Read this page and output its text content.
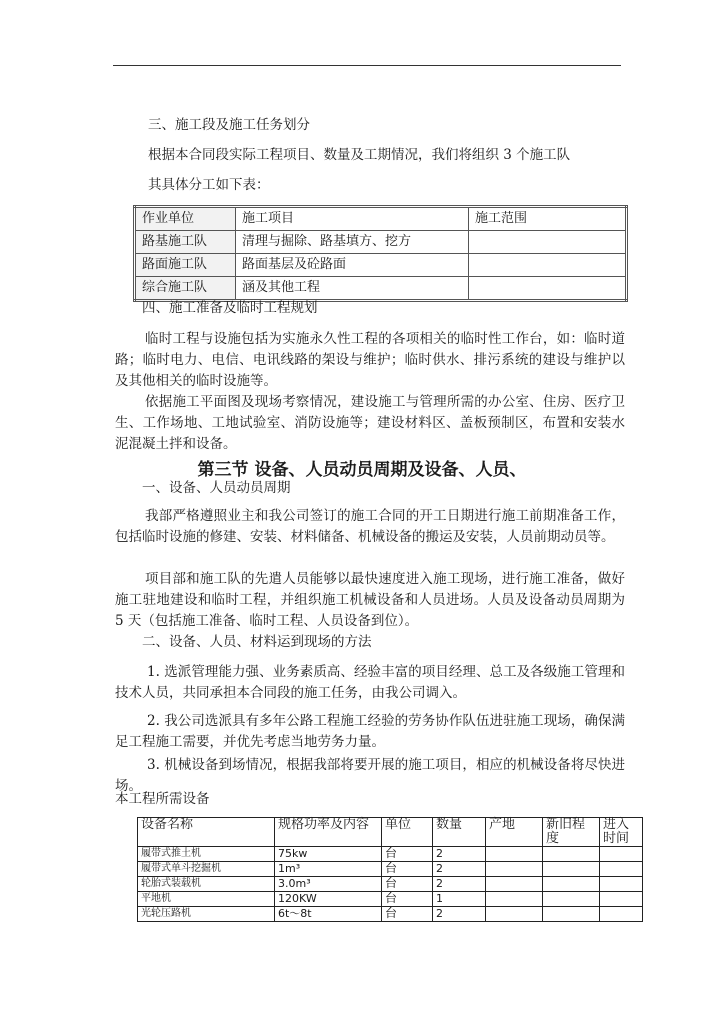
三、施工段及施工任务划分
根据本合同段实际工程项目、数量及工期情况，我们将组织 3 个施工队
其具体分工如下表：
作业单位	施工项目	施工范围
路基施工队	清理与掘除、路基填方、挖方	
路面施工队	路面基层及砼路面	
综合施工队	涵及其他工程	
四、施工准备及临时工程规划
临时工程与设施包括为实施永久性工程的各项相关的临时性工作台，如：临时道路；临时电力、电信、电讯线路的架设与维护；临时供水、排污系统的建设与维护以及其他相关的临时设施等。
依据施工平面图及现场考察情况，建设施工与管理所需的办公室、住房、医疗卫生、工作场地、工地试验室、消防设施等；建设材料区、盖板预制区，布置和安装水泥混凝土拌和设备。
第三节 设备、人员动员周期及设备、人员、
一、设备、人员动员周期
我部严格遵照业主和我公司签订的施工合同的开工日期进行施工前期准备工作，包括临时设施的修建、安装、材料储备、机械设备的搬运及安装，人员前期动员等。
项目部和施工队的先遣人员能够以最快速度进入施工现场，进行施工准备，做好施工驻地建设和临时工程，并组织施工机械设备和人员进场。人员及设备动员周期为 5 天（包括施工准备、临时工程、人员设备到位）。
二、设备、人员、材料运到现场的方法
1. 选派管理能力强、业务素质高、经验丰富的项目经理、总工及各级施工管理和技术人员，共同承担本合同段的施工任务，由我公司调入。
2. 我公司选派具有多年公路工程施工经验的劳务协作队伍进驻施工现场，确保满足工程施工需要，并优先考虑当地劳务力量。
3. 机械设备到场情况，根据我部将要开展的施工项目，相应的机械设备将尽快进场。
本工程所需设备
设备名称	规格功率及内容	单位	数量	产地	新旧程度	进入时间
履带式推土机	75kw	台	2			
履带式单斗挖掘机	1m³	台	2			
轮胎式装载机	3.0m³	台	2			
平地机	120KW	台	1			
光轮压路机	6t～8t	台	2			
